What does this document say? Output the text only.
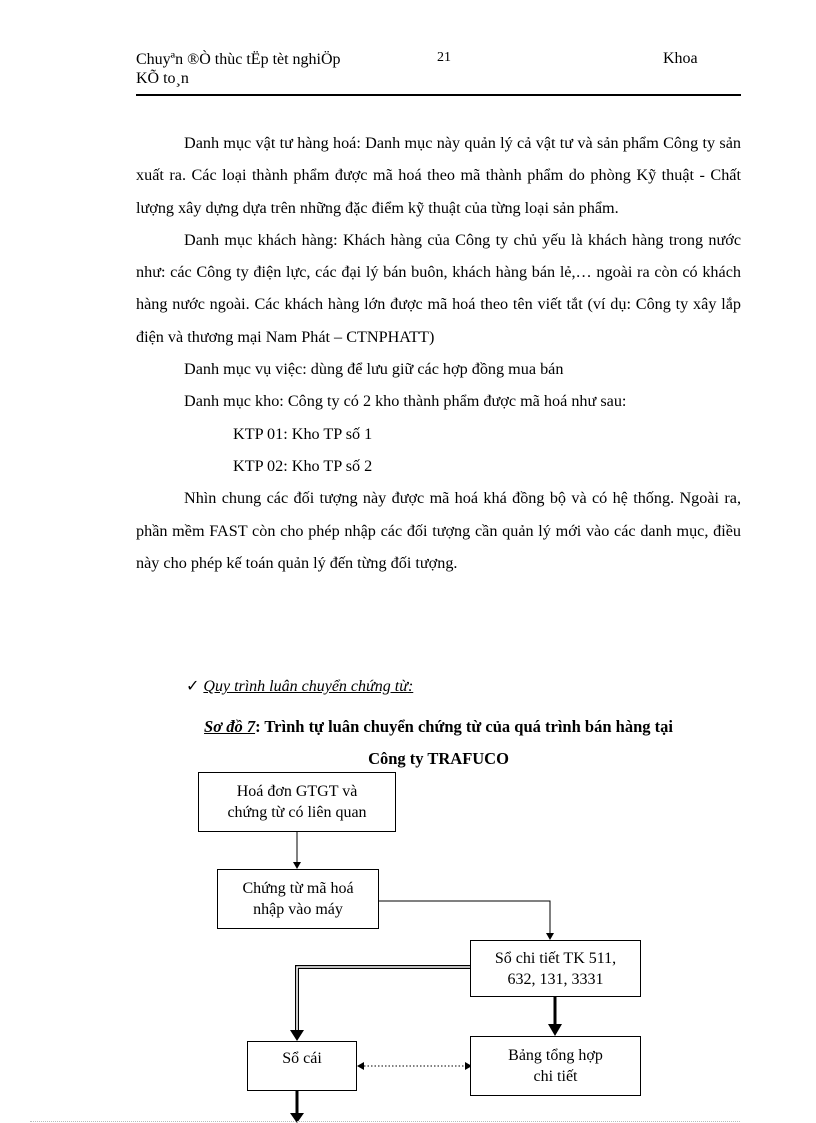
Chuyªn ®Ò thùc tËp tèt nghiÖp
KÕ to¸n
21	Khoa

Danh mục vật tư hàng hoá: Danh mục này quản lý cả vật tư và sản phẩm Công ty sản xuất ra. Các loại thành phẩm được mã hoá theo mã thành phẩm do phòng Kỹ thuật - Chất lượng xây dựng dựa trên những đặc điểm kỹ thuật của từng loại sản phẩm.

Danh mục khách hàng: Khách hàng của Công ty chủ yếu là khách hàng trong nước như: các Công ty điện lực, các đại lý bán buôn, khách hàng bán lẻ,… ngoài ra còn có khách hàng nước ngoài. Các khách hàng lớn được mã hoá theo tên viết tắt (ví dụ: Công ty xây lắp điện và thương mại Nam Phát – CTNPHATT)

Danh mục vụ việc: dùng để lưu giữ các hợp đồng mua bán

Danh mục kho: Công ty có 2 kho thành phẩm được mã hoá như sau:

KTP 01: Kho TP số 1

KTP 02: Kho TP số 2

Nhìn chung các đối tượng này được mã hoá khá đồng bộ và có hệ thống. Ngoài ra, phần mềm FAST còn cho phép nhập các đối tượng cần quản lý mới vào các danh mục, điều này cho phép kế toán quản lý đến từng đối tượng.

✓ Quy trình luân chuyển chứng từ:
Sơ đồ 7: Trình tự luân chuyển chứng từ của quá trình bán hàng tại
Công ty TRAFUCO
Hoá đơn GTGT và
chứng từ có liên quan
Chứng từ mã hoá
nhập vào máy
Sổ chi tiết TK 511,
632, 131, 3331
Sổ cái	Bảng tổng hợp
chi tiết
